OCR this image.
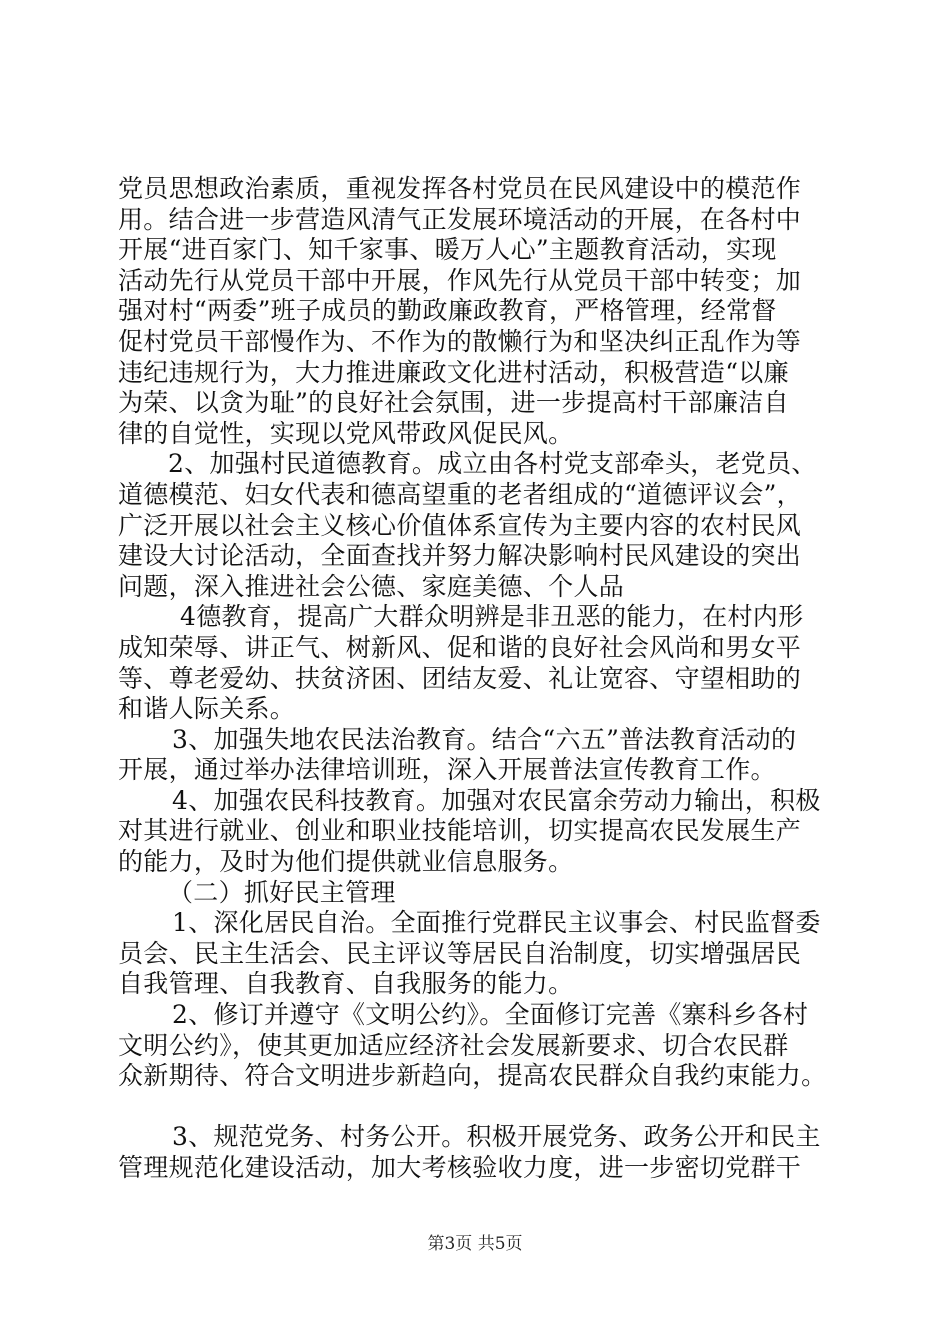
党员思想政治素质，重视发挥各村党员在民风建设中的模范作
用。结合进一步营造风清气正发展环境活动的开展，在各村中
开展“进百家门、知千家事、暖万人心”主题教育活动，实现
活动先行从党员干部中开展，作风先行从党员干部中转变；加
强对村“两委”班子成员的勤政廉政教育，严格管理，经常督
促村党员干部慢作为、不作为的散懒行为和坚决纠正乱作为等
违纪违规行为，大力推进廉政文化进村活动，积极营造“以廉
为荣、以贪为耻”的良好社会氛围，进一步提高村干部廉洁自
律的自觉性，实现以党风带政风促民风。
2、加强村民道德教育。成立由各村党支部牵头，老党员、
道德模范、妇女代表和德高望重的老者组成的“道德评议会”，
广泛开展以社会主义核心价值体系宣传为主要内容的农村民风
建设大讨论活动，全面查找并努力解决影响村民风建设的突出
问题，深入推进社会公德、家庭美德、个人品
4德教育，提高广大群众明辨是非丑恶的能力，在村内形
成知荣辱、讲正气、树新风、促和谐的良好社会风尚和男女平
等、尊老爱幼、扶贫济困、团结友爱、礼让宽容、守望相助的
和谐人际关系。
3、加强失地农民法治教育。结合“六五”普法教育活动的
开展，通过举办法律培训班，深入开展普法宣传教育工作。
4、加强农民科技教育。加强对农民富余劳动力输出，积极
对其进行就业、创业和职业技能培训，切实提高农民发展生产
的能力，及时为他们提供就业信息服务。
（二）抓好民主管理
1、深化居民自治。全面推行党群民主议事会、村民监督委
员会、民主生活会、民主评议等居民自治制度，切实增强居民
自我管理、自我教育、自我服务的能力。
2、修订并遵守《文明公约》。全面修订完善《寨科乡各村
文明公约》，使其更加适应经济社会发展新要求、切合农民群
众新期待、符合文明进步新趋向，提高农民群众自我约束能力。
3、规范党务、村务公开。积极开展党务、政务公开和民主
管理规范化建设活动，加大考核验收力度，进一步密切党群干
第3页 共5页
